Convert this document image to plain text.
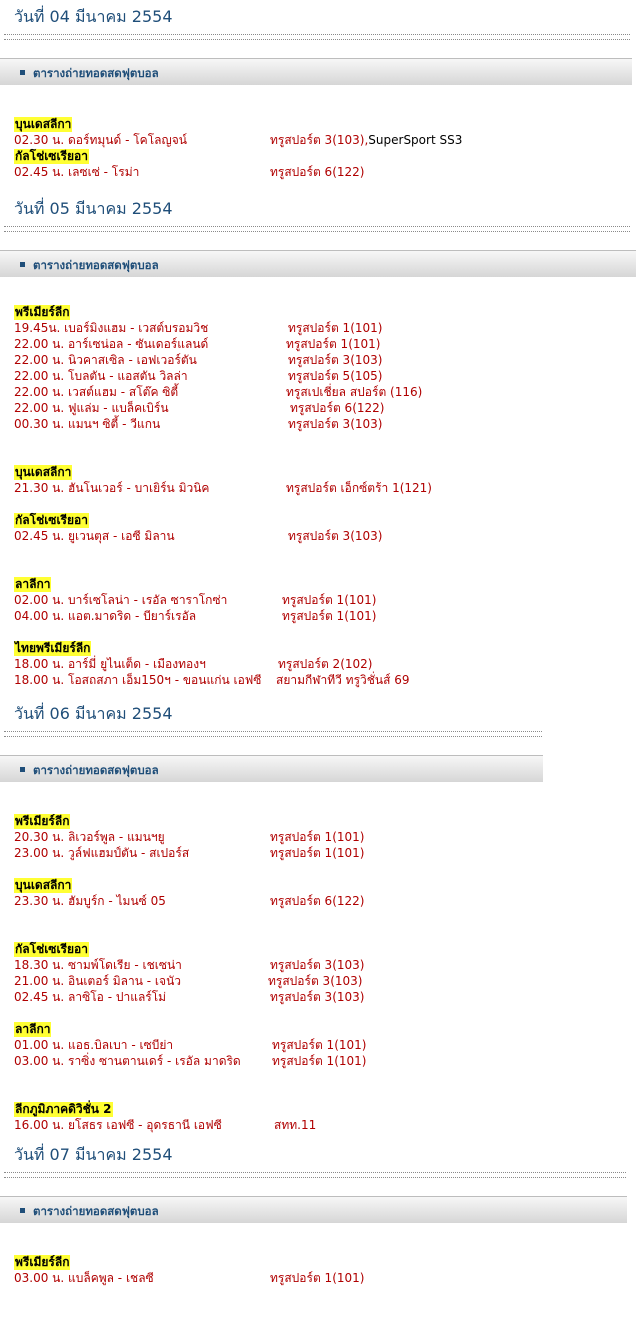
วันที่ 04 มีนาคม 2554
ตารางถ่ายทอดสดฟุตบอล
บุนเดสลีกา
02.30 น. ดอร์ทมุนด์ - โคโลญจน์	ทรูสปอร์ต 3(103),SuperSport SS3
กัลโช่เซเรียอา
02.45 น. เลซเซ่ - โรม่า	ทรูสปอร์ต 6(122)
วันที่ 05 มีนาคม 2554
ตารางถ่ายทอดสดฟุตบอล
พรีเมียร์ลีก
19.45น. เบอร์มิงแฮม - เวสต์บรอมวิช	ทรูสปอร์ต 1(101)
22.00 น. อาร์เซน่อล - ซันเดอร์แลนด์	ทรูสปอร์ต 1(101)
22.00 น. นิวคาสเซิล - เอฟเวอร์ตัน	ทรูสปอร์ต 3(103)
22.00 น. โบลตัน - แอสตัน วิลล่า	ทรูสปอร์ต 5(105)
22.00 น. เวสต์แฮม - สโต๊ค ซิตี้	ทรูสเปเชี่ยล สปอร์ต (116)
22.00 น. ฟูแล่ม - แบล็คเบิร์น	ทรูสปอร์ต 6(122)
00.30 น. แมนฯ ซิตี้ - วีแกน	ทรูสปอร์ต 3(103)
บุนเดสลีกา
21.30 น. ฮันโนเวอร์ - บาเยิร์น มิวนิค	ทรูสปอร์ต เอ็กซ์ตร้า 1(121)
กัลโช่เซเรียอา
02.45 น. ยูเวนตุส - เอซี มิลาน	ทรูสปอร์ต 3(103)
ลาลีกา
02.00 น. บาร์เซโลน่า - เรอัล ซาราโกซ่า	ทรูสปอร์ต 1(101)
04.00 น. แอต.มาดริด - บียาร์เรอัล	ทรูสปอร์ต 1(101)
ไทยพรีเมียร์ลีก
18.00 น. อาร์มี่ ยูไนเต็ด - เมืองทองฯ	ทรูสปอร์ต 2(102)
18.00 น. โอสถสภา เอ็ม150ฯ - ขอนแก่น เอฟซี สยามกีฬาทีวี ทรูวิชั่นส์ 69
วันที่ 06 มีนาคม 2554
ตารางถ่ายทอดสดฟุตบอล
พรีเมียร์ลีก
20.30 น. ลิเวอร์พูล - แมนฯยู	ทรูสปอร์ต 1(101)
23.00 น. วูล์ฟแฮมป์ตัน - สเปอร์ส	ทรูสปอร์ต 1(101)
บุนเดสลีกา
23.30 น. ฮัมบูร์ก - ไมนซ์ 05	ทรูสปอร์ต 6(122)
กัลโช่เซเรียอา
18.30 น. ซามพ์โดเรีย - เชเซน่า	ทรูสปอร์ต 3(103)
21.00 น. อินเตอร์ มิลาน - เจนัว	ทรูสปอร์ต 3(103)
02.45 น. ลาซิโอ - ปาแลร์โม่	ทรูสปอร์ต 3(103)
ลาลีกา
01.00 น. แอธ.บิลเบา - เซบีย่า	ทรูสปอร์ต 1(101)
03.00 น. ราซิ่ง ซานตานเดร์ - เรอัล มาดริด	ทรูสปอร์ต 1(101)
ลีกภูมิภาคดิวิชั่น 2
16.00 น. ยโสธร เอฟซี - อุดรธานี เอฟซี	สทท.11
วันที่ 07 มีนาคม 2554
ตารางถ่ายทอดสดฟุตบอล
พรีเมียร์ลีก
03.00 น. แบล็คพูล - เชลซี	ทรูสปอร์ต 1(101)
